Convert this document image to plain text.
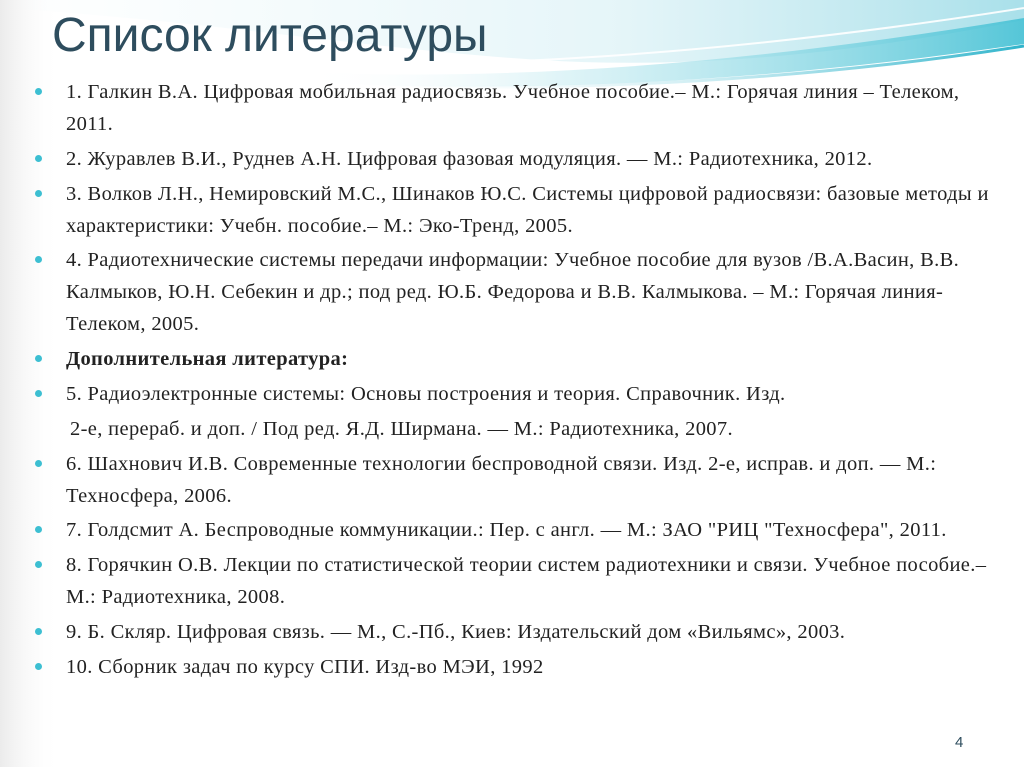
Список литературы
1. Галкин В.А. Цифровая мобильная радиосвязь. Учебное пособие.– М.: Горячая линия – Телеком, 2011.
2. Журавлев В.И., Руднев А.Н. Цифровая фазовая модуляция. — М.: Радиотехника, 2012.
3. Волков Л.Н., Немировский М.С., Шинаков Ю.С. Системы цифровой радиосвязи: базовые методы и характеристики: Учебн. пособие.– М.: Эко-Тренд, 2005.
4. Радиотехнические системы передачи информации: Учебное пособие для вузов /В.А.Васин, В.В. Калмыков, Ю.Н. Себекин и др.; под ред. Ю.Б. Федорова и В.В. Калмыкова. – М.: Горячая линия-Телеком, 2005.
Дополнительная литература:
5. Радиоэлектронные системы: Основы построения и теория. Справочник. Изд.
2-е, перераб. и доп. / Под ред. Я.Д. Ширмана. — М.: Радиотехника, 2007.
6. Шахнович И.В. Современные технологии беспроводной связи. Изд. 2-е, исправ. и доп. — М.: Техносфера, 2006.
7. Голдсмит А. Беспроводные коммуникации.: Пер. с англ. — М.: ЗАО "РИЦ "Техносфера", 2011.
8. Горячкин О.В. Лекции по статистической теории систем радиотехники и связи. Учебное пособие.– М.: Радиотехника, 2008.
9. Б. Скляр. Цифровая связь. — М., С.-Пб., Киев: Издательский дом «Вильямс», 2003.
10. Сборник задач по курсу СПИ. Изд-во МЭИ, 1992
4
